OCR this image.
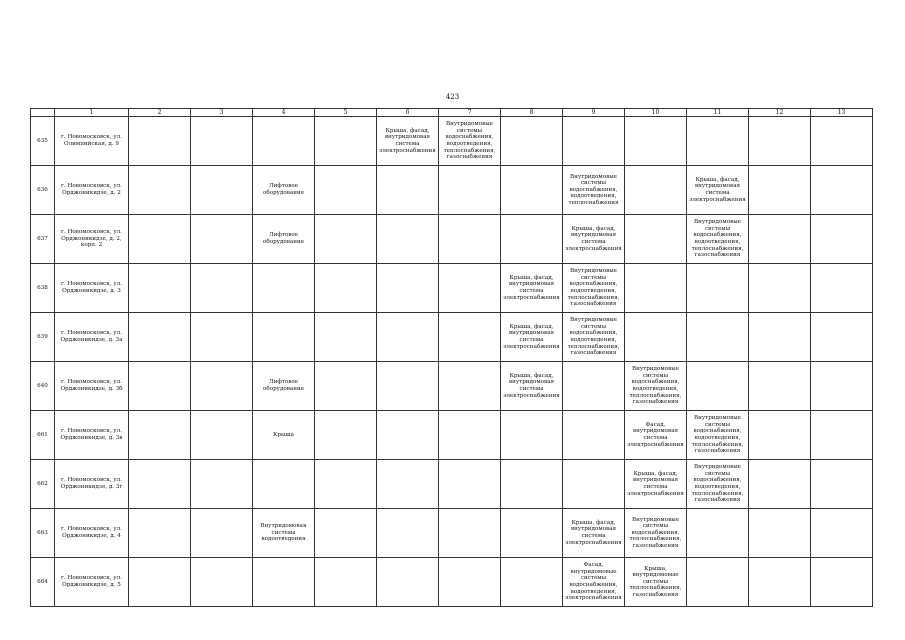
423
	1	2	3	4	5	6	7	8	9	10	11	12	13
635	г. Новомосковск, ул. Олимпийская, д. 9					Крыша, фасад, внутридомовая система электроснабжения	Внутридомовые системы водоснабжения, водоотведения, теплоснабжения, газоснабжения						
636	г. Новомосковск, ул. Орджоникидзе, д. 2			Лифтовое оборудование					Внутридомовые системы водоснабжения, водоотведения, теплоснабжения		Крыша, фасад, внутридомовая система электроснабжения		
637	г. Новомосковск, ул. Орджоникидзе, д. 2, корп. 2			Лифтовое оборудование					Крыша, фасад, внутридомовая система электроснабжения		Внутридомовые системы водоснабжения, водоотведения, теплоснабжения, газоснабжения		
638	г. Новомосковск, ул. Орджоникидзе, д. 3							Крыша, фасад, внутридомовая система электроснабжения	Внутридомовые системы водоснабжения, водоотведения, теплоснабжения, газоснабжения				
639	г. Новомосковск, ул. Орджоникидзе, д. 3а							Крыша, фасад, внутридомовая система электроснабжения	Внутридомовые системы водоснабжения, водоотведения, теплоснабжения, газоснабжения				
640	г. Новомосковск, ул. Орджоникидзе, д. 3б			Лифтовое оборудование				Крыша, фасад, внутридомовая система электроснабжения		Внутридомовые системы водоснабжения, водоотведения, теплоснабжения, газоснабжения			
661	г. Новомосковск, ул. Орджоникидзе, д. 3в			Крыша						Фасад, внутридомовая система электроснабжения	Внутридомовые системы водоснабжения, водоотведения, теплоснабжения, газоснабжения		
662	г. Новомосковск, ул. Орджоникидзе, д. 3г									Крыша, фасад, внутридомовая система электроснабжения	Внутридомовые системы водоснабжения, водоотведения, теплоснабжения, газоснабжения		
663	г. Новомосковск, ул. Орджоникидзе, д. 4			Внутридомовая система водоотведения					Крыша, фасад, внутридомовая система электроснабжения	Внутридомовые системы водоснабжения, теплоснабжения, газоснабжения			
664	г. Новомосковск, ул. Орджоникидзе, д. 5								Фасад, внутридомовые системы водоснабжения, водоотведения, электроснабжения	Крыша, внутридомовые системы теплоснабжения, газоснабжения			
